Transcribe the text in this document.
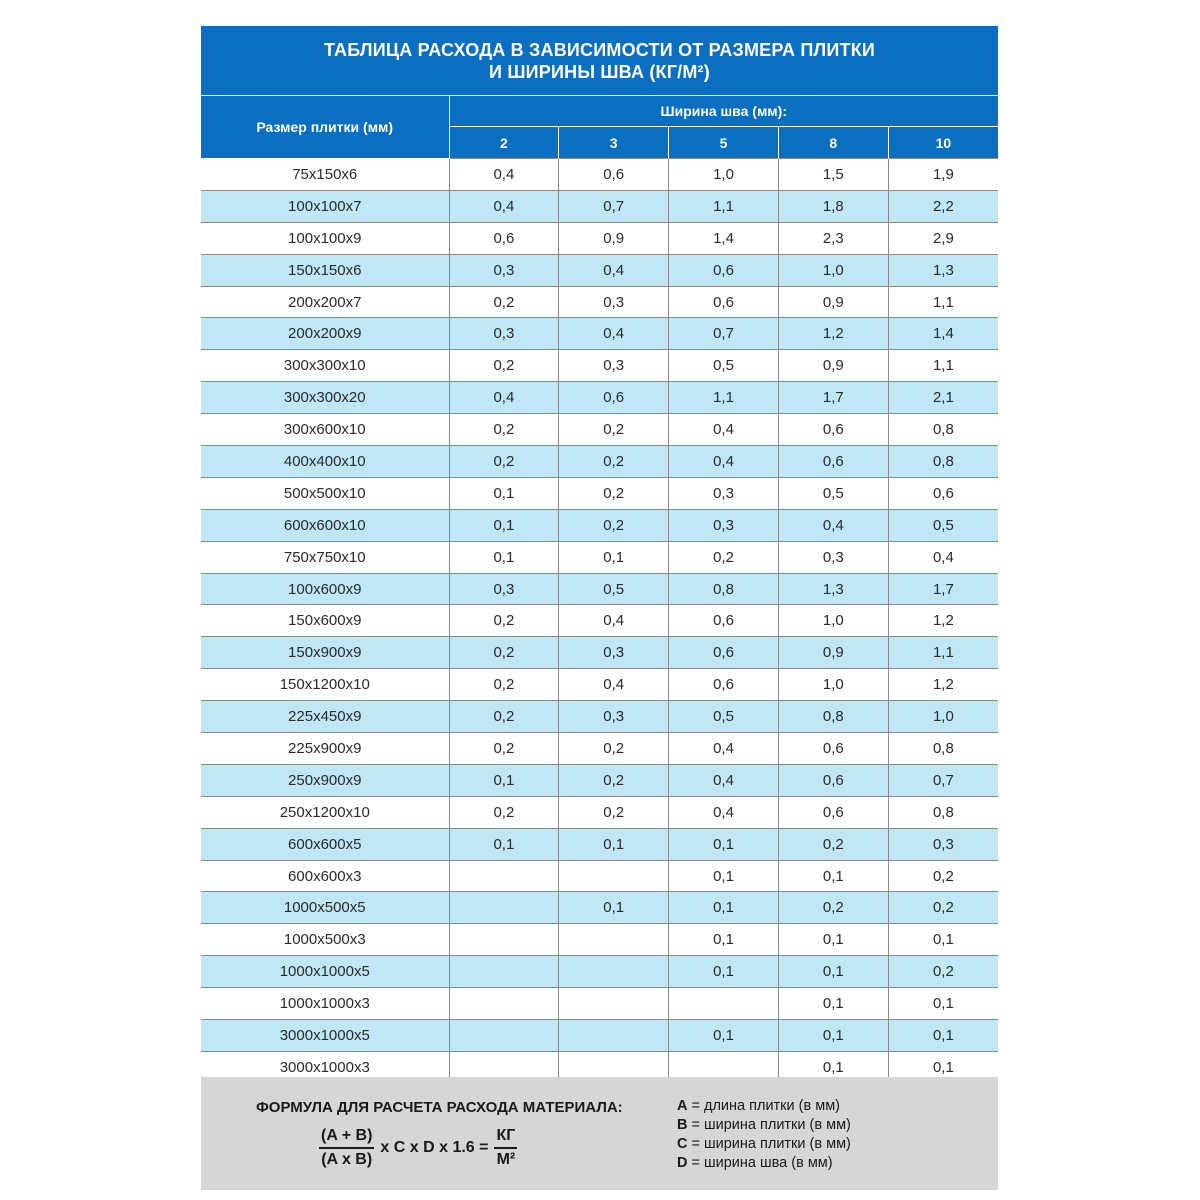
ТАБЛИЦА РАСХОДА В ЗАВИСИМОСТИ ОТ РАЗМЕРА ПЛИТКИ
И ШИРИНЫ ШВА (КГ/М²)
Размер плитки (мм)	Ширина шва (мм):				
	2	3	5	8	10
75x150x6	0,4	0,6	1,0	1,5	1,9
100x100x7	0,4	0,7	1,1	1,8	2,2
100x100x9	0,6	0,9	1,4	2,3	2,9
150x150x6	0,3	0,4	0,6	1,0	1,3
200x200x7	0,2	0,3	0,6	0,9	1,1
200x200x9	0,3	0,4	0,7	1,2	1,4
300x300x10	0,2	0,3	0,5	0,9	1,1
300x300x20	0,4	0,6	1,1	1,7	2,1
300x600x10	0,2	0,2	0,4	0,6	0,8
400x400x10	0,2	0,2	0,4	0,6	0,8
500x500x10	0,1	0,2	0,3	0,5	0,6
600x600x10	0,1	0,2	0,3	0,4	0,5
750x750x10	0,1	0,1	0,2	0,3	0,4
100x600x9	0,3	0,5	0,8	1,3	1,7
150x600x9	0,2	0,4	0,6	1,0	1,2
150x900x9	0,2	0,3	0,6	0,9	1,1
150x1200x10	0,2	0,4	0,6	1,0	1,2
225x450x9	0,2	0,3	0,5	0,8	1,0
225x900x9	0,2	0,2	0,4	0,6	0,8
250x900x9	0,1	0,2	0,4	0,6	0,7
250x1200x10	0,2	0,2	0,4	0,6	0,8
600x600x5	0,1	0,1	0,1	0,2	0,3
600x600x3			0,1	0,1	0,2
1000x500x5		0,1	0,1	0,2	0,2
1000x500x3			0,1	0,1	0,1
1000x1000x5			0,1	0,1	0,2
1000x1000x3				0,1	0,1
3000x1000x5			0,1	0,1	0,1
3000x1000x3				0,1	0,1
ФОРМУЛА ДЛЯ РАСЧЕТА РАСХОДА МАТЕРИАЛА:
$\frac{(A + B)}{\text{(A x B)}}$ x C x D x $1.6 = \frac{КГ}{\text{М²}}$
A = длина плитки (в мм)
B = ширина плитки (в мм)
C = ширина плитки (в мм)
D = ширина шва (в мм)
